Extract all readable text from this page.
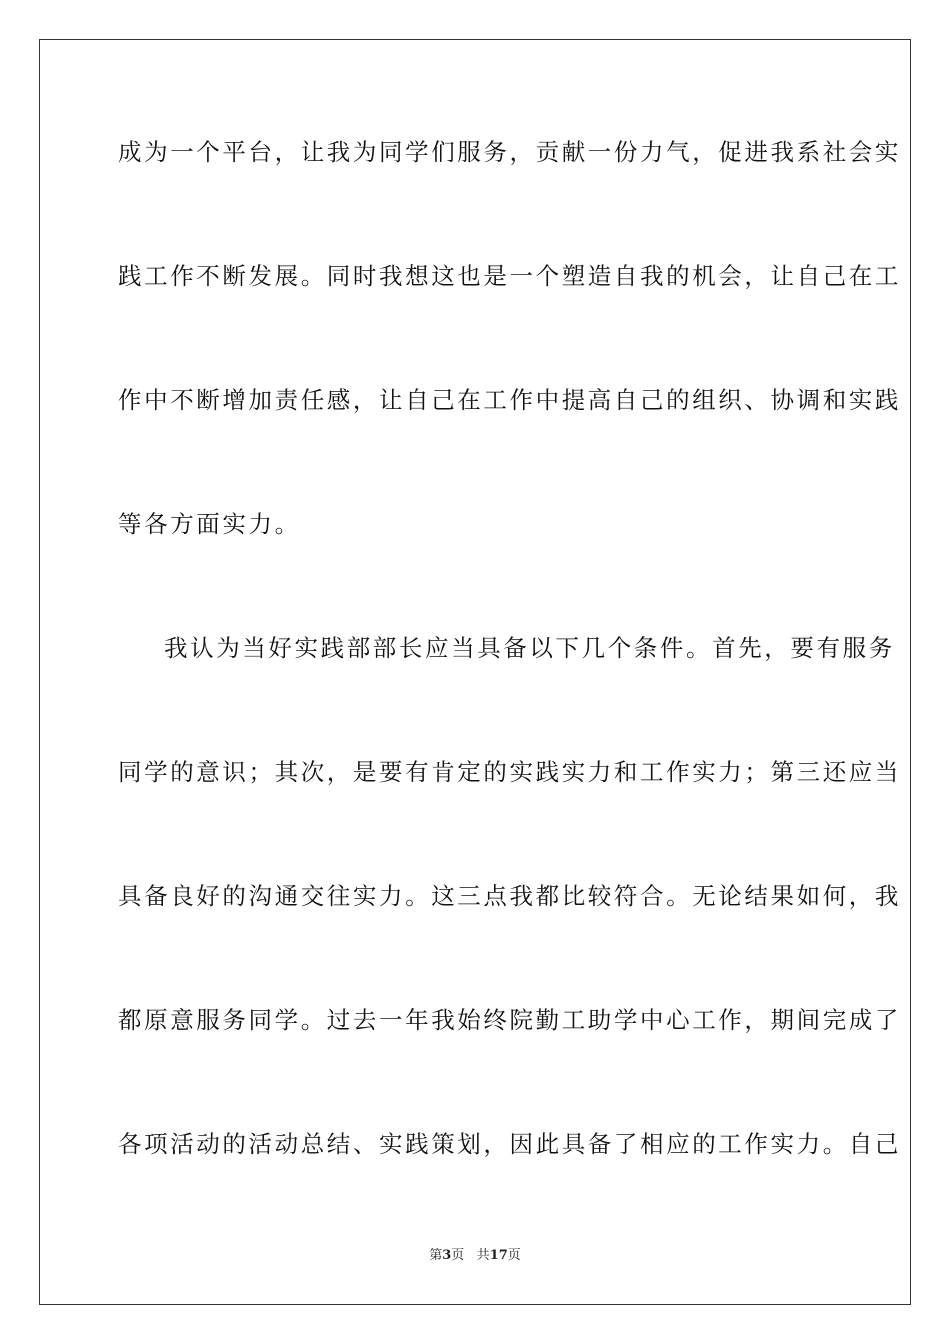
成为一个平台，让我为同学们服务，贡献一份力气，促进我系社会实
践工作不断发展。同时我想这也是一个塑造自我的机会，让自己在工
作中不断增加责任感，让自己在工作中提高自己的组织、协调和实践
等各方面实力。
我认为当好实践部部长应当具备以下几个条件。首先，要有服务
同学的意识；其次，是要有肯定的实践实力和工作实力；第三还应当
具备良好的沟通交往实力。这三点我都比较符合。无论结果如何，我
都原意服务同学。过去一年我始终院勤工助学中心工作，期间完成了
各项活动的活动总结、实践策划，因此具备了相应的工作实力。自己
第3页 共17页
